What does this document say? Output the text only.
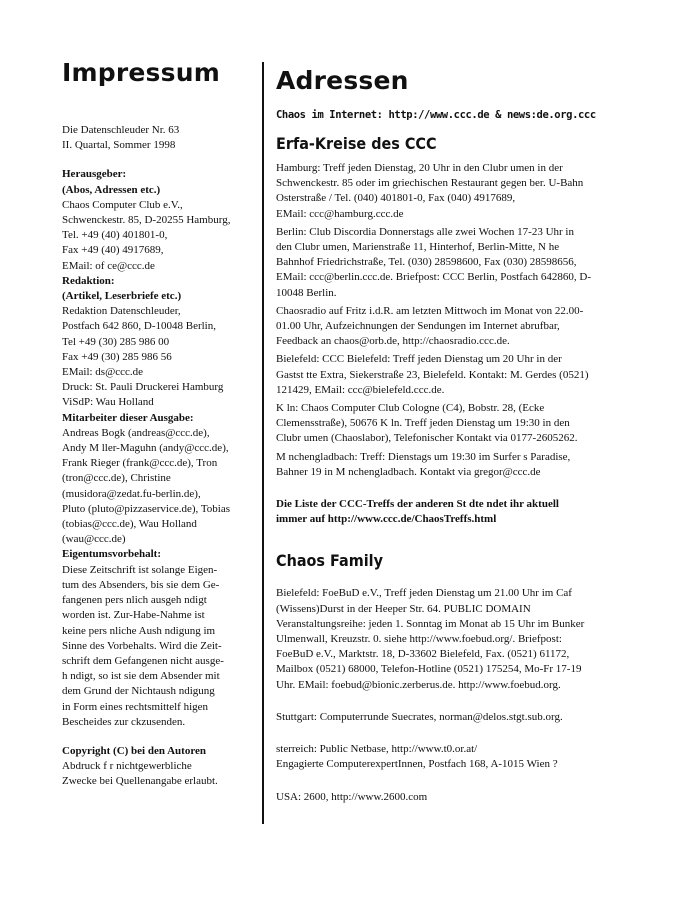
Impressum
Die Datenschleuder Nr. 63
II. Quartal, Sommer 1998
Herausgeber:
(Abos, Adressen etc.)
Chaos Computer Club e.V.,
Schwenckestr. 85, D-20255 Hamburg,
Tel. +49 (40) 401801-0,
Fax +49 (40) 4917689,
EMail: of ce@ccc.de
Redaktion:
(Artikel, Leserbriefe etc.)
Redaktion Datenschleuder,
Postfach 642 860, D-10048 Berlin,
Tel +49 (30) 285 986 00
Fax +49 (30) 285 986 56
EMail: ds@ccc.de
Druck: St. Pauli Druckerei Hamburg
ViSdP: Wau Holland
Mitarbeiter dieser Ausgabe:
Andreas Bogk (andreas@ccc.de),
Andy M ller-Maguhn (andy@ccc.de),
Frank Rieger (frank@ccc.de), Tron
(tron@ccc.de), Christine
(musidora@zedat.fu-berlin.de),
Pluto (pluto@pizzaservice.de), Tobias
(tobias@ccc.de), Wau Holland
(wau@ccc.de)
Eigentumsvorbehalt:
Diese Zeitschrift ist solange Eigen-
tum des Absenders, bis sie dem Ge-
fangenen pers nlich ausgeh ndigt
worden ist. Zur-Habe-Nahme ist
keine pers nliche Aush ndigung im
Sinne des Vorbehalts. Wird die Zeit-
schrift dem Gefangenen nicht ausge-
h ndigt, so ist sie dem Absender mit
dem Grund der Nichtaush ndigung
in Form eines rechtsmittelf higen
Bescheides zur ckzusenden.
Copyright (C) bei den Autoren
Abdruck f r nichtgewerbliche
Zwecke bei Quellenangabe erlaubt.
Adressen

Chaos im Internet: http://www.ccc.de & news:de.org.ccc

Erfa-Kreise des CCC
Hamburg: Treff jeden Dienstag, 20 Uhr in den Clubr umen in der
Schwenckestr. 85 oder im griechischen Restaurant gegen ber. U-Bahn
Osterstraße / Tel. (040) 401801-0, Fax (040) 4917689,
EMail: ccc@hamburg.ccc.de
Berlin: Club Discordia Donnerstags alle zwei Wochen 17-23 Uhr in
den Clubr umen, Marienstraße 11, Hinterhof, Berlin-Mitte, N he
Bahnhof Friedrichstraße, Tel. (030) 28598600, Fax (030) 28598656,
EMail: ccc@berlin.ccc.de. Briefpost: CCC Berlin, Postfach 642860, D-
10048 Berlin.
Chaosradio auf Fritz i.d.R. am letzten Mittwoch im Monat von 22.00-
01.00 Uhr, Aufzeichnungen der Sendungen im Internet abrufbar,
Feedback an chaos@orb.de, http://chaosradio.ccc.de.
Bielefeld: CCC Bielefeld: Treff jeden Dienstag um 20 Uhr in der
Gastst tte Extra, Siekerstraße 23, Bielefeld. Kontakt: M. Gerdes (0521)
121429, EMail: ccc@bielefeld.ccc.de.
K ln: Chaos Computer Club Cologne (C4), Bobstr. 28, (Ecke
Clemensstraße), 50676 K ln. Treff jeden Dienstag um 19:30 in den
Clubr umen (Chaoslabor), Telefonischer Kontakt via 0177-2605262.
M nchengladbach: Treff: Dienstags um 19:30 im Surfer s Paradise,
Bahner 19 in M nchengladbach. Kontakt via gregor@ccc.de
Die Liste der CCC-Treffs der anderen St dte ndet ihr aktuell
immer auf http://www.ccc.de/ChaosTreffs.html
Chaos Family
Bielefeld: FoeBuD e.V., Treff jeden Dienstag um 21.00 Uhr im Caf
(Wissens)Durst in der Heeper Str. 64. PUBLIC DOMAIN
Veranstaltungsreihe: jeden 1. Sonntag im Monat ab 15 Uhr im Bunker
Ulmenwall, Kreuzstr. 0. siehe http://www.foebud.org/. Briefpost:
FoeBuD e.V., Marktstr. 18, D-33602 Bielefeld, Fax. (0521) 61172,
Mailbox (0521) 68000, Telefon-Hotline (0521) 175254, Mo-Fr 17-19
Uhr. EMail: foebud@bionic.zerberus.de. http://www.foebud.org.
Stuttgart: Computerrunde Suecrates, norman@delos.stgt.sub.org.
sterreich: Public Netbase, http://www.t0.or.at/
Engagierte ComputerexpertInnen, Postfach 168, A-1015 Wien ?
USA: 2600, http://www.2600.com
